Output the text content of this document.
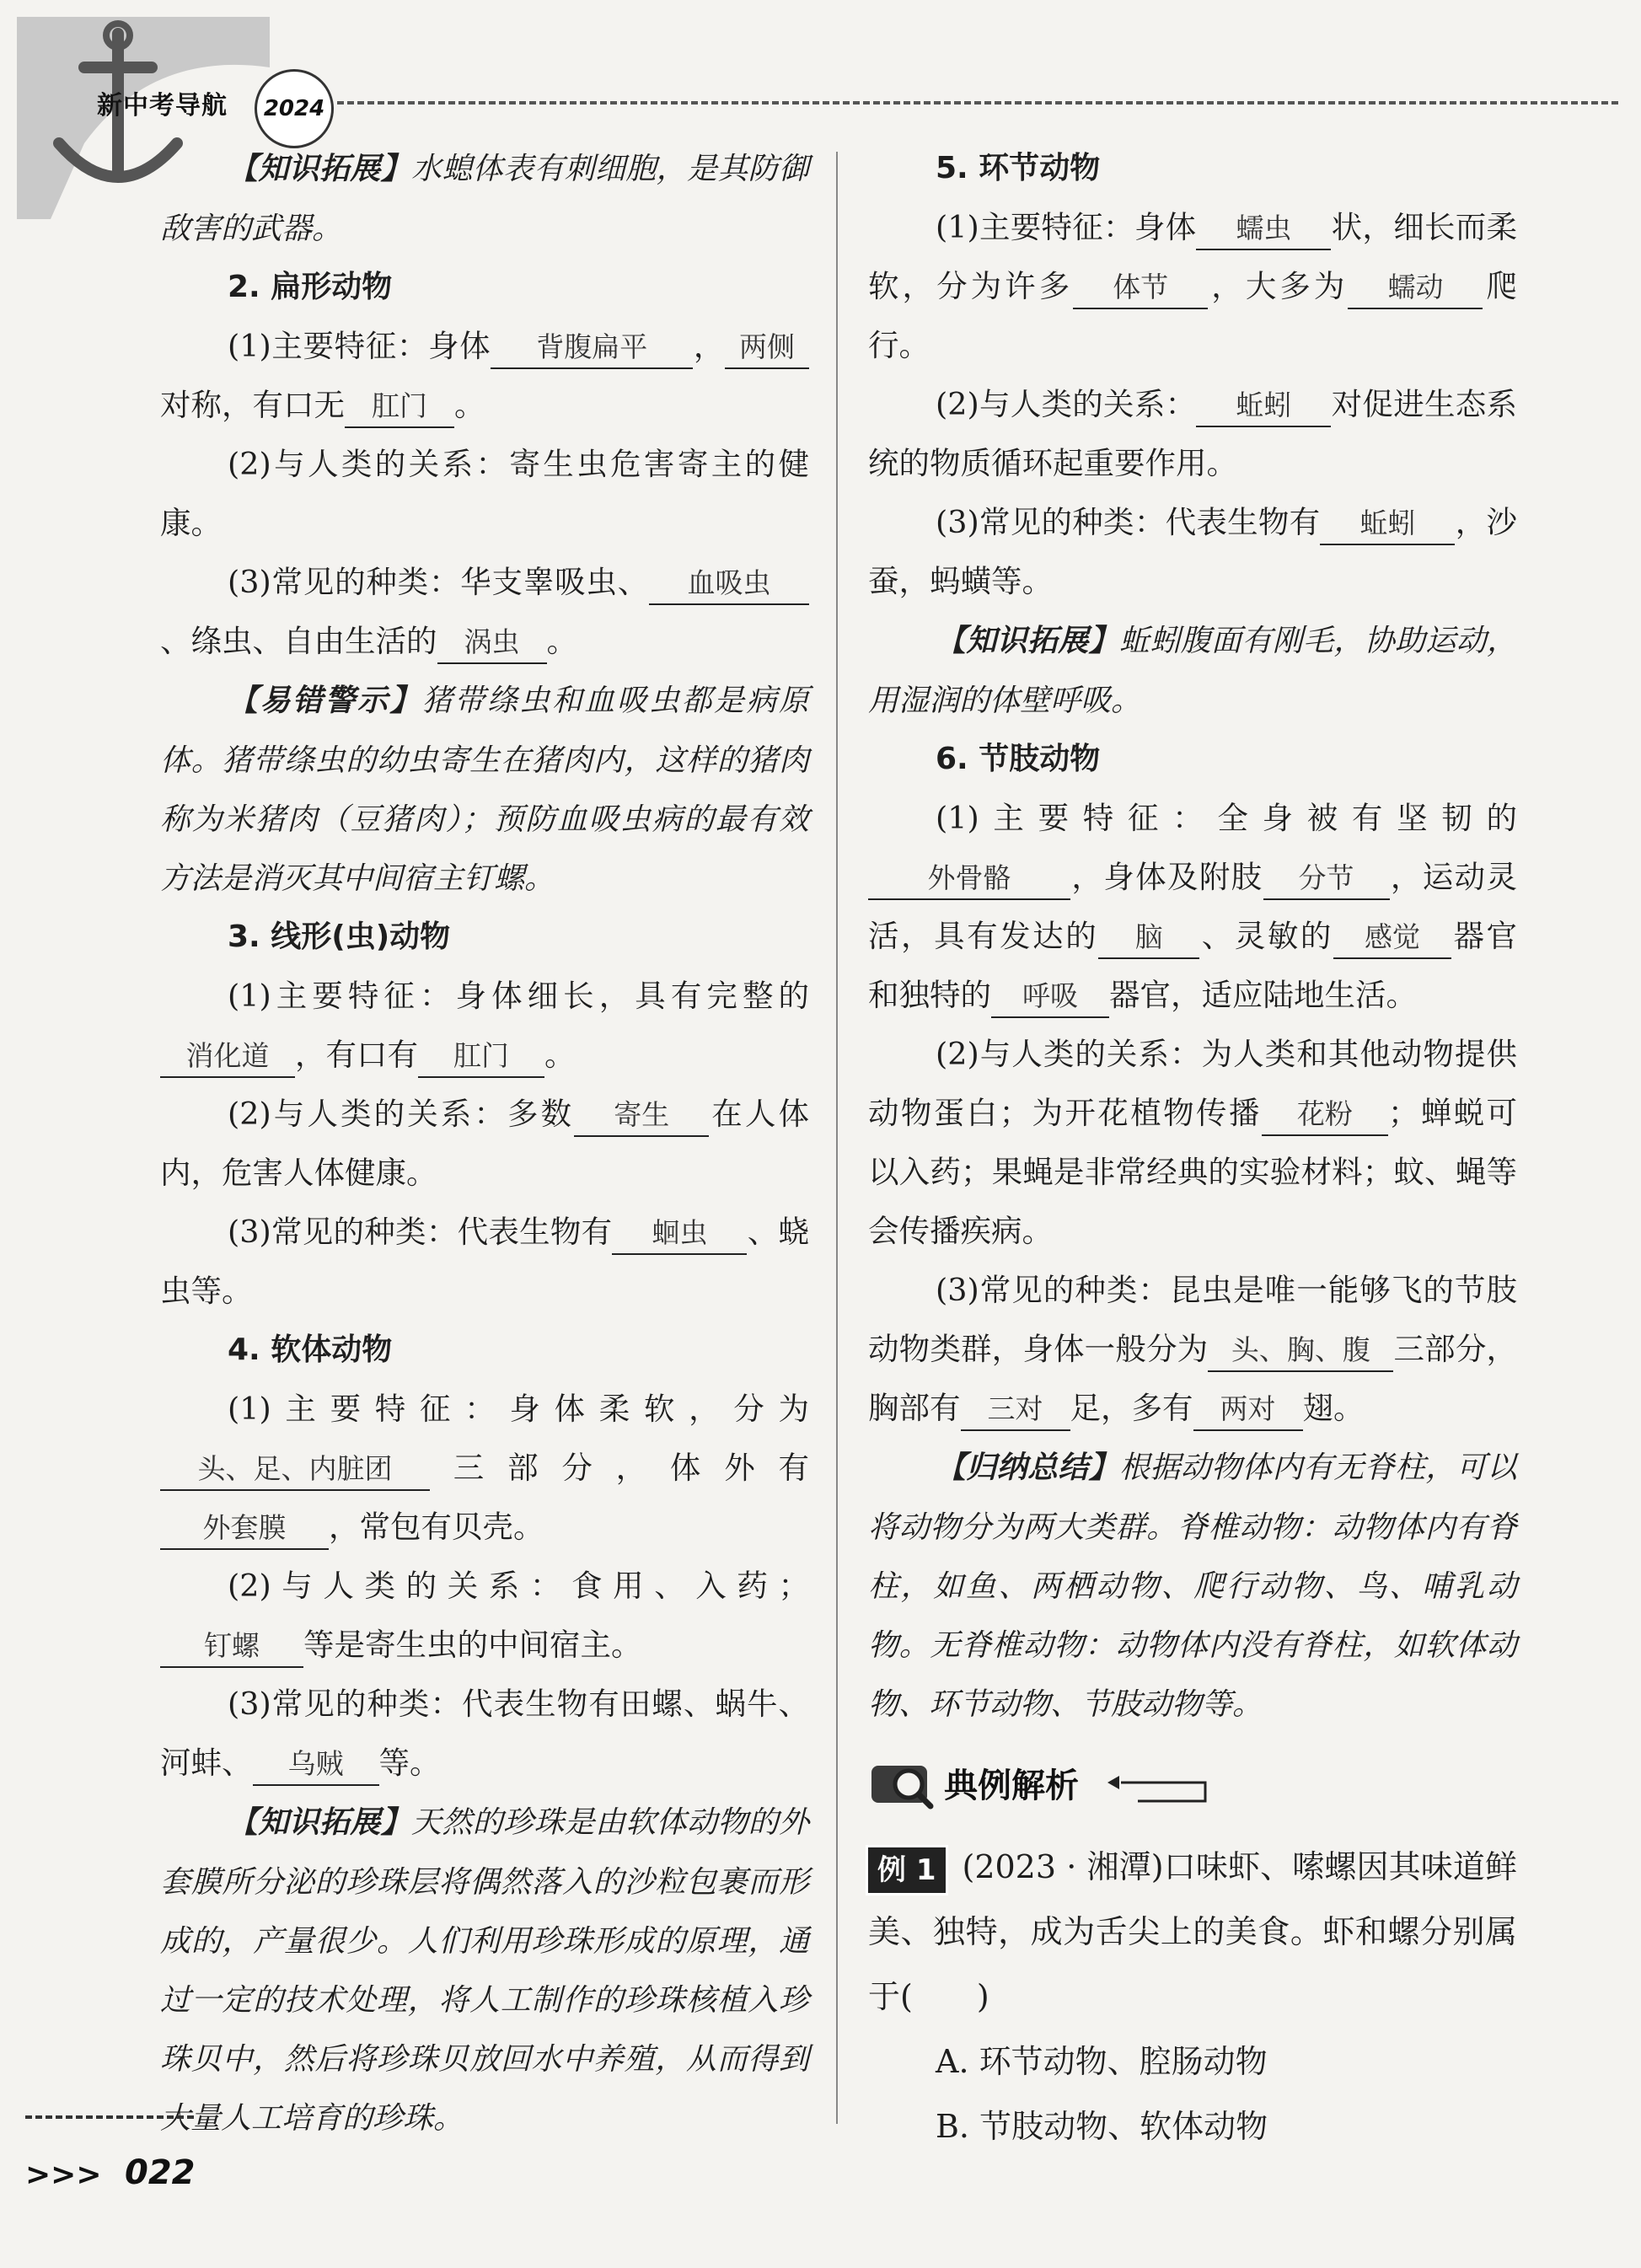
新中考导航	2024

【知识拓展】水螅体表有刺细胞，是其防御敌害的武器。

2. 扁形动物

(1)主要特征：身体 背腹扁平 ， 两侧对称，有口无 肛门 。

(2)与人类的关系：寄生虫危害寄主的健康。

(3)常见的种类：华支睾吸虫、 血吸虫、绦虫、自由生活的 涡虫 。

【易错警示】猪带绦虫和血吸虫都是病原体。猪带绦虫的幼虫寄生在猪肉内，这样的猪肉称为米猪肉（豆猪肉）；预防血吸虫病的最有效方法是消灭其中间宿主钉螺。

3. 线形(虫)动物

(1)主要特征：身体细长，具有完整的消化道 ，有口有 肛门 。

(2)与人类的关系：多数 寄生 在人体内，危害人体健康。

(3)常见的种类：代表生物有 蛔虫 、蛲虫等。

4. 软体动物

(1)主要特征：身体柔软，分为头、足、内脏团 三部分，体外有外套膜 ，常包有贝壳。

(2)与人类的关系：食用、入药；钉螺 等是寄生虫的中间宿主。

(3)常见的种类：代表生物有田螺、蜗牛、河蚌、 乌贼 等。

【知识拓展】天然的珍珠是由软体动物的外套膜所分泌的珍珠层将偶然落入的沙粒包裹而形成的，产量很少。人们利用珍珠形成的原理，通过一定的技术处理，将人工制作的珍珠核植入珍珠贝中，然后将珍珠贝放回水中养殖，从而得到大量人工培育的珍珠。

5. 环节动物

(1)主要特征：身体 蠕虫 状，细长而柔软，分为许多 体节 ，大多为 蠕动 爬行。

(2)与人类的关系： 蚯蚓 对促进生态系统的物质循环起重要作用。

(3)常见的种类：代表生物有 蚯蚓 ，沙蚕，蚂蟥等。

【知识拓展】蚯蚓腹面有刚毛，协助运动，用湿润的体壁呼吸。

6. 节肢动物

(1)主要特征：全身被有坚韧的外骨骼 ，身体及附肢 分节 ，运动灵活，具有发达的 脑 、灵敏的 感觉 器官和独特的 呼吸 器官，适应陆地生活。

(2)与人类的关系：为人类和其他动物提供动物蛋白；为开花植物传播 花粉 ；蝉蜕可以入药；果蝇是非常经典的实验材料；蚊、蝇等会传播疾病。

(3)常见的种类：昆虫是唯一能够飞的节肢动物类群，身体一般分为 头、胸、腹 三部分，胸部有 三对 足，多有 两对 翅。

【归纳总结】根据动物体内有无脊柱，可以将动物分为两大类群。脊椎动物：动物体内有脊柱，如鱼、两栖动物、爬行动物、鸟、哺乳动物。无脊椎动物：动物体内没有脊柱，如软体动物、环节动物、节肢动物等。

典例解析

例 1 (2023 · 湘潭)口味虾、嗦螺因其味道鲜美、独特，成为舌尖上的美食。虾和螺分别属于(　　)

A. 环节动物、腔肠动物

B. 节肢动物、软体动物

>>> 022
